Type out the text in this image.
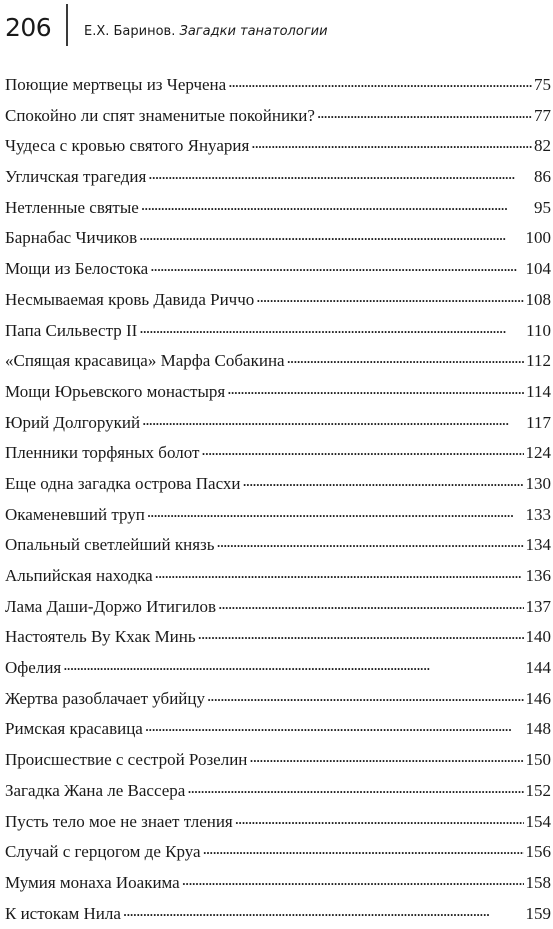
206	Е.Х. Баринов. Загадки танатологии
Поющие мертвецы из Черчена . . .	75
Спокойно ли спят знаменитые покойники? . . .	77
Чудеса с кровью святого Януария . . .	82
Угличская трагедия . . .	86
Нетленные святые . . .	95
Барнабас Чичиков . . .	100
Мощи из Белостока . . .	104
Несмываемая кровь Давида Риччо . . .	108
Папа Сильвестр II . . .	110
«Спящая красавица» Марфа Собакина . . .	112
Мощи Юрьевского монастыря . . .	114
Юрий Долгорукий . . .	117
Пленники торфяных болот . . .	124
Еще одна загадка острова Пасхи . . .	130
Окаменевший труп . . .	133
Опальный светлейший князь . . .	134
Альпийская находка . . .	136
Лама Даши-Доржо Итигилов . . .	137
Настоятель Ву Кхак Минь . . .	140
Офелия . . .	144
Жертва разоблачает убийцу . . .	146
Римская красавица . . .	148
Происшествие с сестрой Розелин . . .	150
Загадка Жана ле Вассера . . .	152
Пусть тело мое не знает тления . . .	154
Случай с герцогом де Круа . . .	156
Мумия монаха Иоакима . . .	158
К истокам Нила . . .	159
